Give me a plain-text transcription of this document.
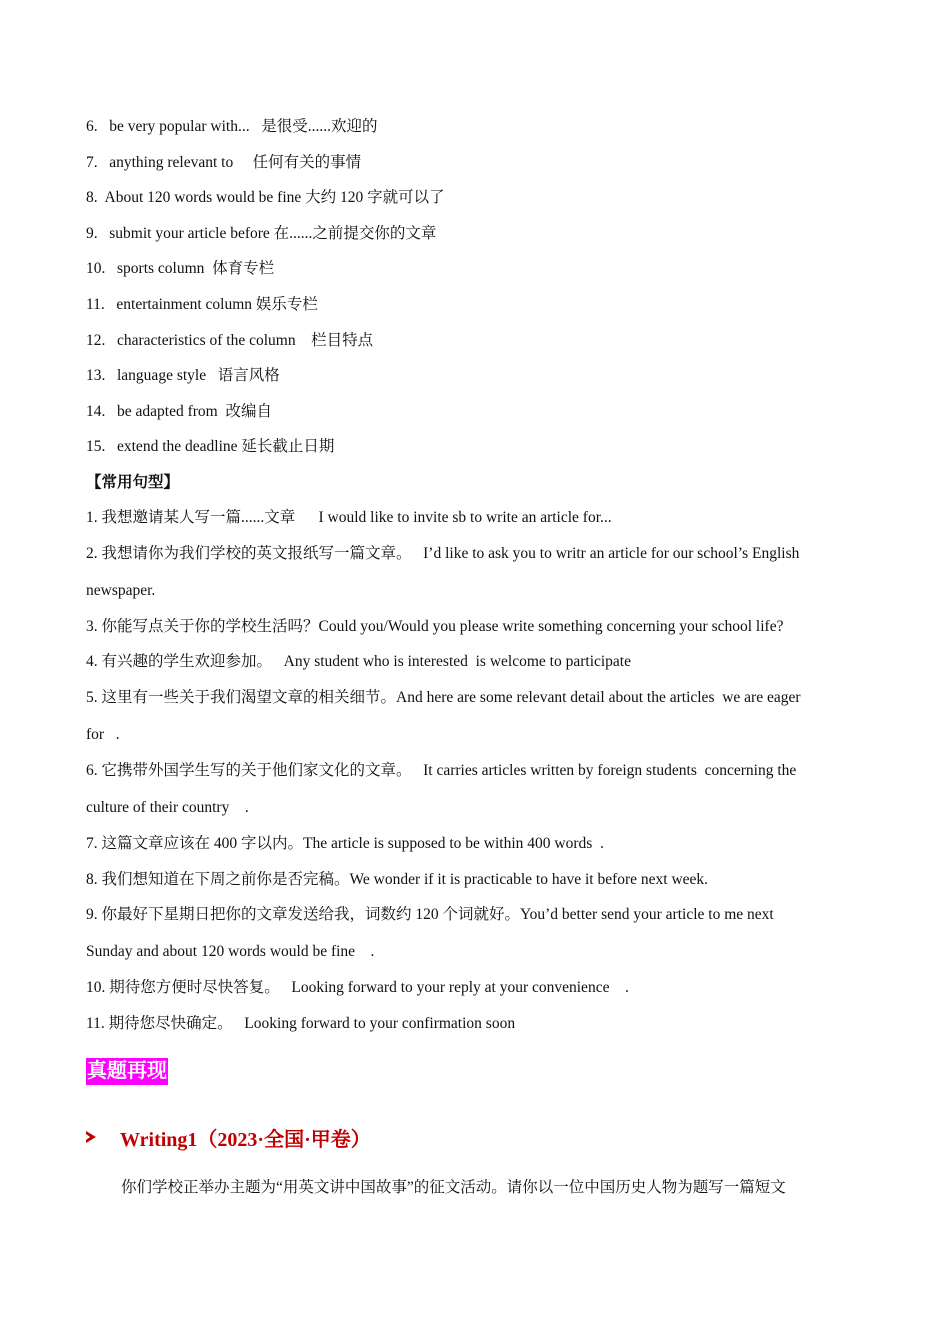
6.   be very popular with...   是很受......欢迎的
7.   anything relevant to     任何有关的事情
8.  About 120 words would be fine 大约 120 字就可以了
9.   submit your article before 在......之前提交你的文章
10.   sports column  体育专栏
11.   entertainment column 娱乐专栏
12.   characteristics of the column    栏目特点
13.   language style   语言风格
14.   be adapted from  改编自
15.   extend the deadline 延长截止日期
【常用句型】
1. 我想邀请某人写一篇......文章      I would like to invite sb to write an article for...
2. 我想请你为我们学校的英文报纸写一篇文章。   I’d like to ask you to writr an article for our school’s English
newspaper.
3. 你能写点关于你的学校生活吗？Could you/Would you please write something concerning your school life?
4. 有兴趣的学生欢迎参加。   Any student who is interested  is welcome to participate
5. 这里有一些关于我们渴望文章的相关细节。And here are some relevant detail about the articles  we are eager
for   .
6. 它携带外国学生写的关于他们家文化的文章。   It carries articles written by foreign students  concerning the
culture of their country    .
7. 这篇文章应该在 400 字以内。The article is supposed to be within 400 words  .
8. 我们想知道在下周之前你是否完稿。We wonder if it is practicable to have it before next week.
9. 你最好下星期日把你的文章发送给我，词数约 120 个词就好。You’d better send your article to me next
Sunday and about 120 words would be fine    .
10. 期待您方便时尽快答复。   Looking forward to your reply at your convenience    .
11. 期待您尽快确定。   Looking forward to your confirmation soon
真题再现
Writing1（2023·全国·甲卷）
你们学校正举办主题为“用英文讲中国故事”的征文活动。请你以一位中国历史人物为题写一篇短文
